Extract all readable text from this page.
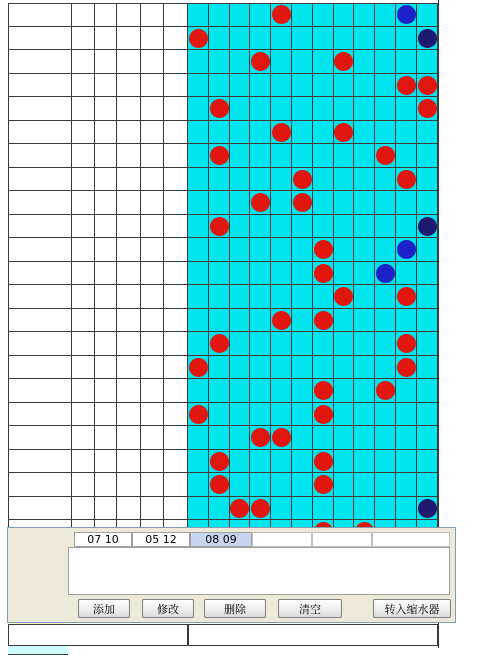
07 10	05 12	08 09
添加	修改	删除	清空	转入缩水器
